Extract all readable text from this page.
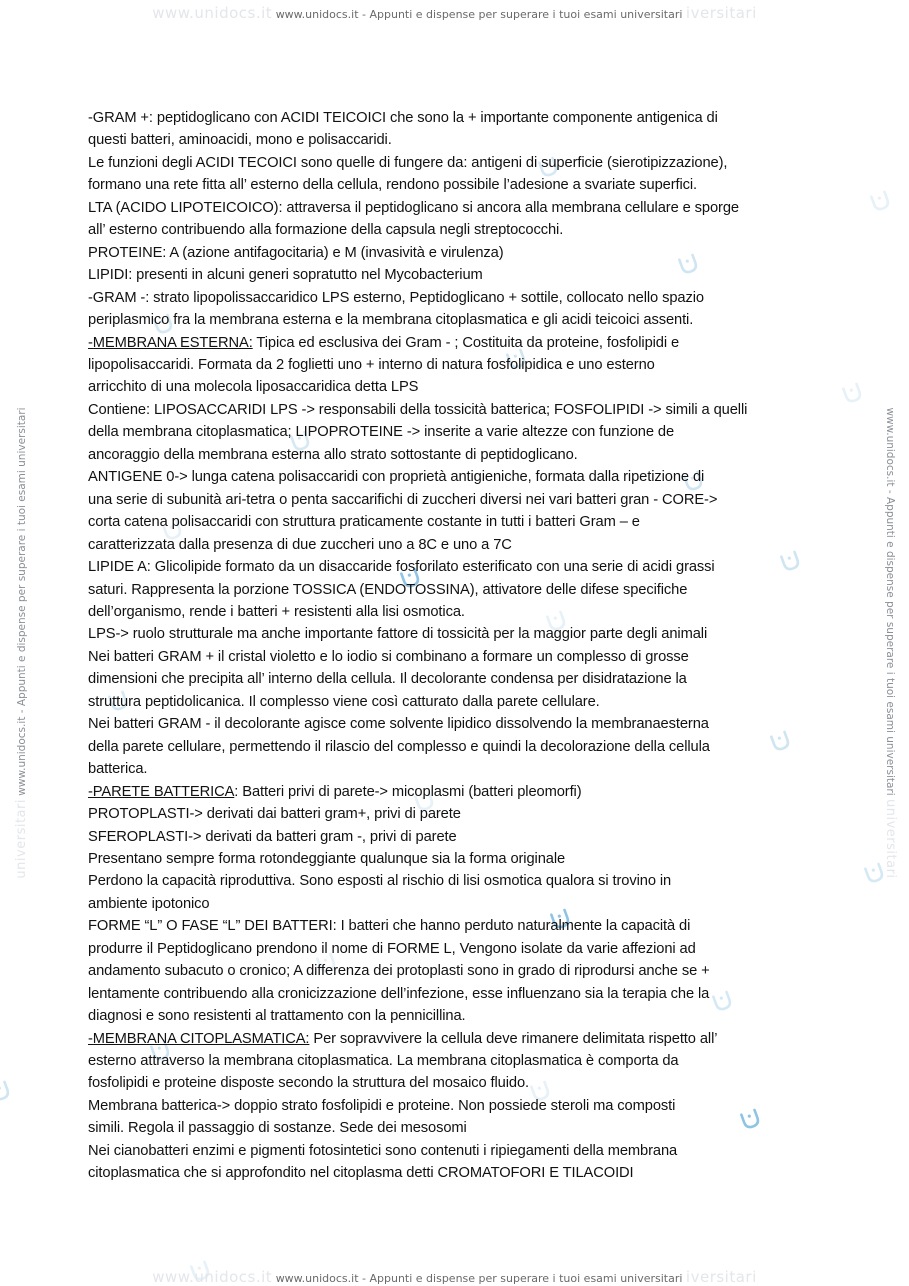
www.unidocs.it www.unidocs.it - Appunti e dispense per superare i tuoi esami universitari iversitari
universitari www.unidocs.it - Appunti e dispense per superare i tuoi esami universitari	www.unidocs.it - Appunti e dispense per superare i tuoi esami universitari universitari

-GRAM +: peptidoglicano con ACIDI TEICOICI che sono la + importante componente antigenica di

questi batteri, aminoacidi, mono e polisaccaridi.

Le funzioni degli ACIDI TECOICI sono quelle di fungere da: antigeni di superficie (sierotipizzazione),

formano una rete fitta all’ esterno della cellula, rendono possibile l’adesione a svariate superfici.

LTA (ACIDO LIPOTEICOICO): attraversa il peptidoglicano si ancora alla membrana cellulare e sporge

all’ esterno contribuendo alla formazione della capsula negli streptococchi.

PROTEINE: A (azione antifagocitaria) e M (invasività e virulenza)

LIPIDI: presenti in alcuni generi sopratutto nel Mycobacterium

-GRAM -: strato lipopolissaccaridico LPS esterno, Peptidoglicano + sottile, collocato nello spazio

periplasmico fra la membrana esterna e la membrana citoplasmatica e gli acidi teicoici assenti.

-MEMBRANA ESTERNA: Tipica ed esclusiva dei Gram - ; Costituita da proteine, fosfolipidi e

lipopolisaccaridi. Formata da 2 foglietti uno + interno di natura fosfolipidica e uno esterno

arricchito di una molecola liposaccaridica detta LPS

Contiene: LIPOSACCARIDI LPS -> responsabili della tossicità batterica; FOSFOLIPIDI -> simili a quelli

della membrana citoplasmatica; LIPOPROTEINE -> inserite a varie altezze con funzione de

ancoraggio della membrana esterna allo strato sottostante di peptidoglicano.

ANTIGENE 0-> lunga catena polisaccaridi con proprietà antigieniche, formata dalla ripetizione di

una serie di subunità ari-tetra o penta saccarifichi di zuccheri diversi nei vari batteri gran - CORE->

corta catena polisaccaridi con struttura praticamente costante in tutti i batteri Gram – e

caratterizzata dalla presenza di due zuccheri uno a 8C e uno a 7C

LIPIDE A: Glicolipide formato da un disaccaride fosforilato esterificato con una serie di acidi grassi

saturi. Rappresenta la porzione TOSSICA (ENDOTOSSINA), attivatore delle difese specifiche

dell’organismo, rende i batteri + resistenti alla lisi osmotica.

LPS-> ruolo strutturale ma anche importante fattore di tossicità per la maggior parte degli animali

Nei batteri GRAM + il cristal violetto e lo iodio si combinano a formare un complesso di grosse

dimensioni che precipita all’ interno della cellula. Il decolorante condensa per disidratazione la

struttura peptidolicanica. Il complesso viene così catturato dalla parete cellulare.

Nei batteri GRAM - il decolorante agisce come solvente lipidico dissolvendo la membranaesterna

della parete cellulare, permettendo il rilascio del complesso e quindi la decolorazione della cellula

batterica.

-PARETE BATTERICA: Batteri privi di parete-> micoplasmi (batteri pleomorfi)

PROTOPLASTI-> derivati dai batteri gram+, privi di parete

SFEROPLASTI-> derivati da batteri gram -, privi di parete

Presentano sempre forma rotondeggiante qualunque sia la forma originale

Perdono la capacità riproduttiva. Sono esposti al rischio di lisi osmotica qualora si trovino in

ambiente ipotonico

FORME “L” O FASE “L” DEI BATTERI: I batteri che hanno perduto naturalmente la capacità di

produrre il Peptidoglicano prendono il nome di FORME L, Vengono isolate da varie affezioni ad

andamento subacuto o cronico; A differenza dei protoplasti sono in grado di riprodursi anche se +

lentamente contribuendo alla cronicizzazione dell’infezione, esse influenzano sia la terapia che la

diagnosi e sono resistenti al trattamento con la pennicillina.

-MEMBRANA CITOPLASMATICA: Per sopravvivere la cellula deve rimanere delimitata rispetto all’

esterno attraverso la membrana citoplasmatica. La membrana citoplasmatica è comporta da

fosfolipidi e proteine disposte secondo la struttura del mosaico fluido.

Membrana batterica-> doppio strato fosfolipidi e proteine. Non possiede steroli ma composti

simili. Regola il passaggio di sostanze. Sede dei mesosomi

Nei cianobatteri enzimi e pigmenti fotosintetici sono contenuti i ripiegamenti della membrana

citoplasmatica che si approfondito nel citoplasma detti CROMATOFORI E TILACOIDI

www.unidocs.it www.unidocs.it - Appunti e dispense per superare i tuoi esami universitari iversitari
